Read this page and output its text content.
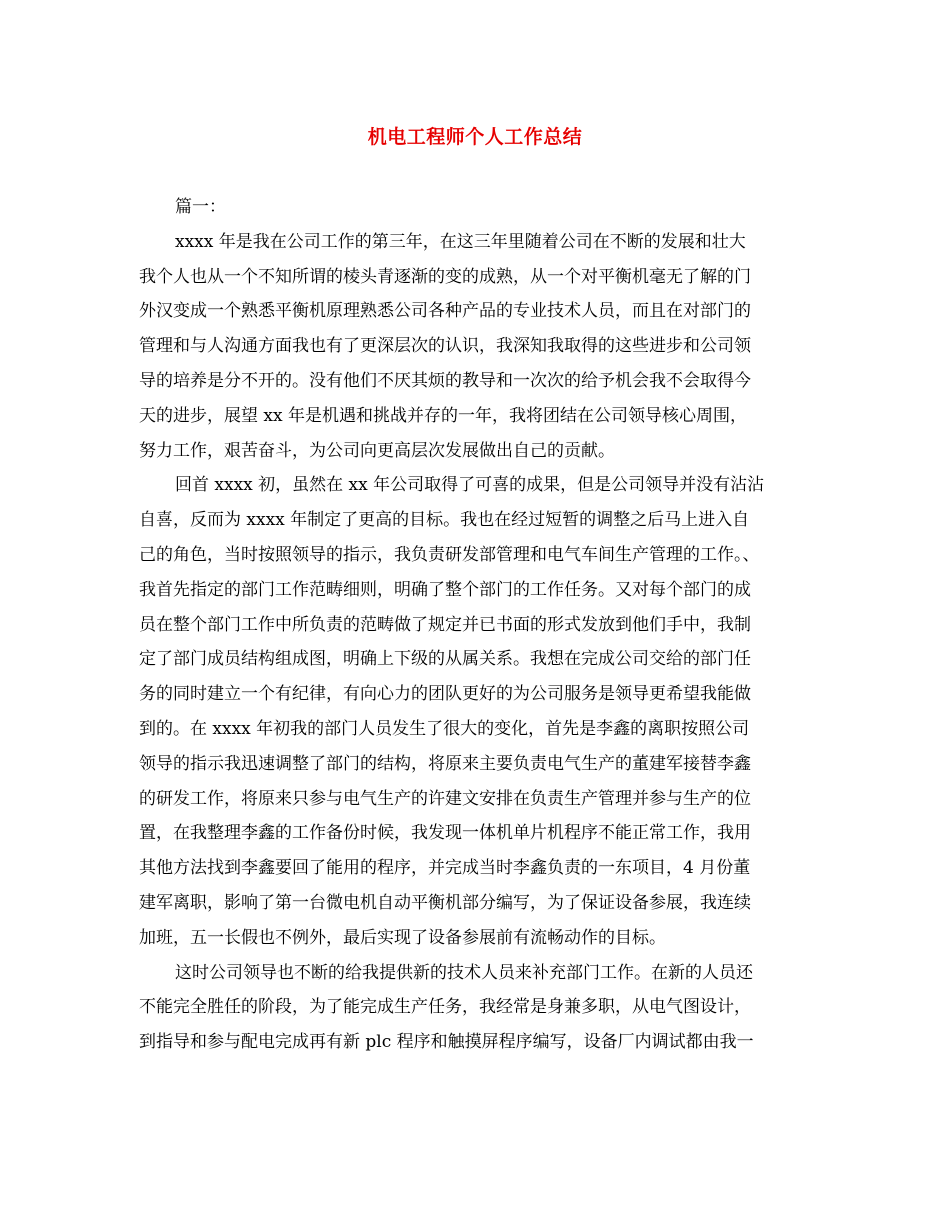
机电工程师个人工作总结
篇一：
xxxx 年是我在公司工作的第三年，在这三年里随着公司在不断的发展和壮大
我个人也从一个不知所谓的棱头青逐渐的变的成熟，从一个对平衡机毫无了解的门
外汉变成一个熟悉平衡机原理熟悉公司各种产品的专业技术人员，而且在对部门的
管理和与人沟通方面我也有了更深层次的认识，我深知我取得的这些进步和公司领
导的培养是分不开的。没有他们不厌其烦的教导和一次次的给予机会我不会取得今
天的进步，展望 xx 年是机遇和挑战并存的一年，我将团结在公司领导核心周围，
努力工作，艰苦奋斗，为公司向更高层次发展做出自己的贡献。
回首 xxxx 初，虽然在 xx 年公司取得了可喜的成果，但是公司领导并没有沾沾
自喜，反而为 xxxx 年制定了更高的目标。我也在经过短暂的调整之后马上进入自
己的角色，当时按照领导的指示，我负责研发部管理和电气车间生产管理的工作。、
我首先指定的部门工作范畴细则，明确了整个部门的工作任务。又对每个部门的成
员在整个部门工作中所负责的范畴做了规定并已书面的形式发放到他们手中，我制
定了部门成员结构组成图，明确上下级的从属关系。我想在完成公司交给的部门任
务的同时建立一个有纪律，有向心力的团队更好的为公司服务是领导更希望我能做
到的。在 xxxx 年初我的部门人员发生了很大的变化，首先是李鑫的离职按照公司
领导的指示我迅速调整了部门的结构，将原来主要负责电气生产的董建军接替李鑫
的研发工作，将原来只参与电气生产的许建文安排在负责生产管理并参与生产的位
置，在我整理李鑫的工作备份时候，我发现一体机单片机程序不能正常工作，我用
其他方法找到李鑫要回了能用的程序，并完成当时李鑫负责的一东项目，4 月份董
建军离职，影响了第一台微电机自动平衡机部分编写，为了保证设备参展，我连续
加班，五一长假也不例外，最后实现了设备参展前有流畅动作的目标。
这时公司领导也不断的给我提供新的技术人员来补充部门工作。在新的人员还
不能完全胜任的阶段，为了能完成生产任务，我经常是身兼多职，从电气图设计，
到指导和参与配电完成再有新 plc 程序和触摸屏程序编写，设备厂内调试都由我一
